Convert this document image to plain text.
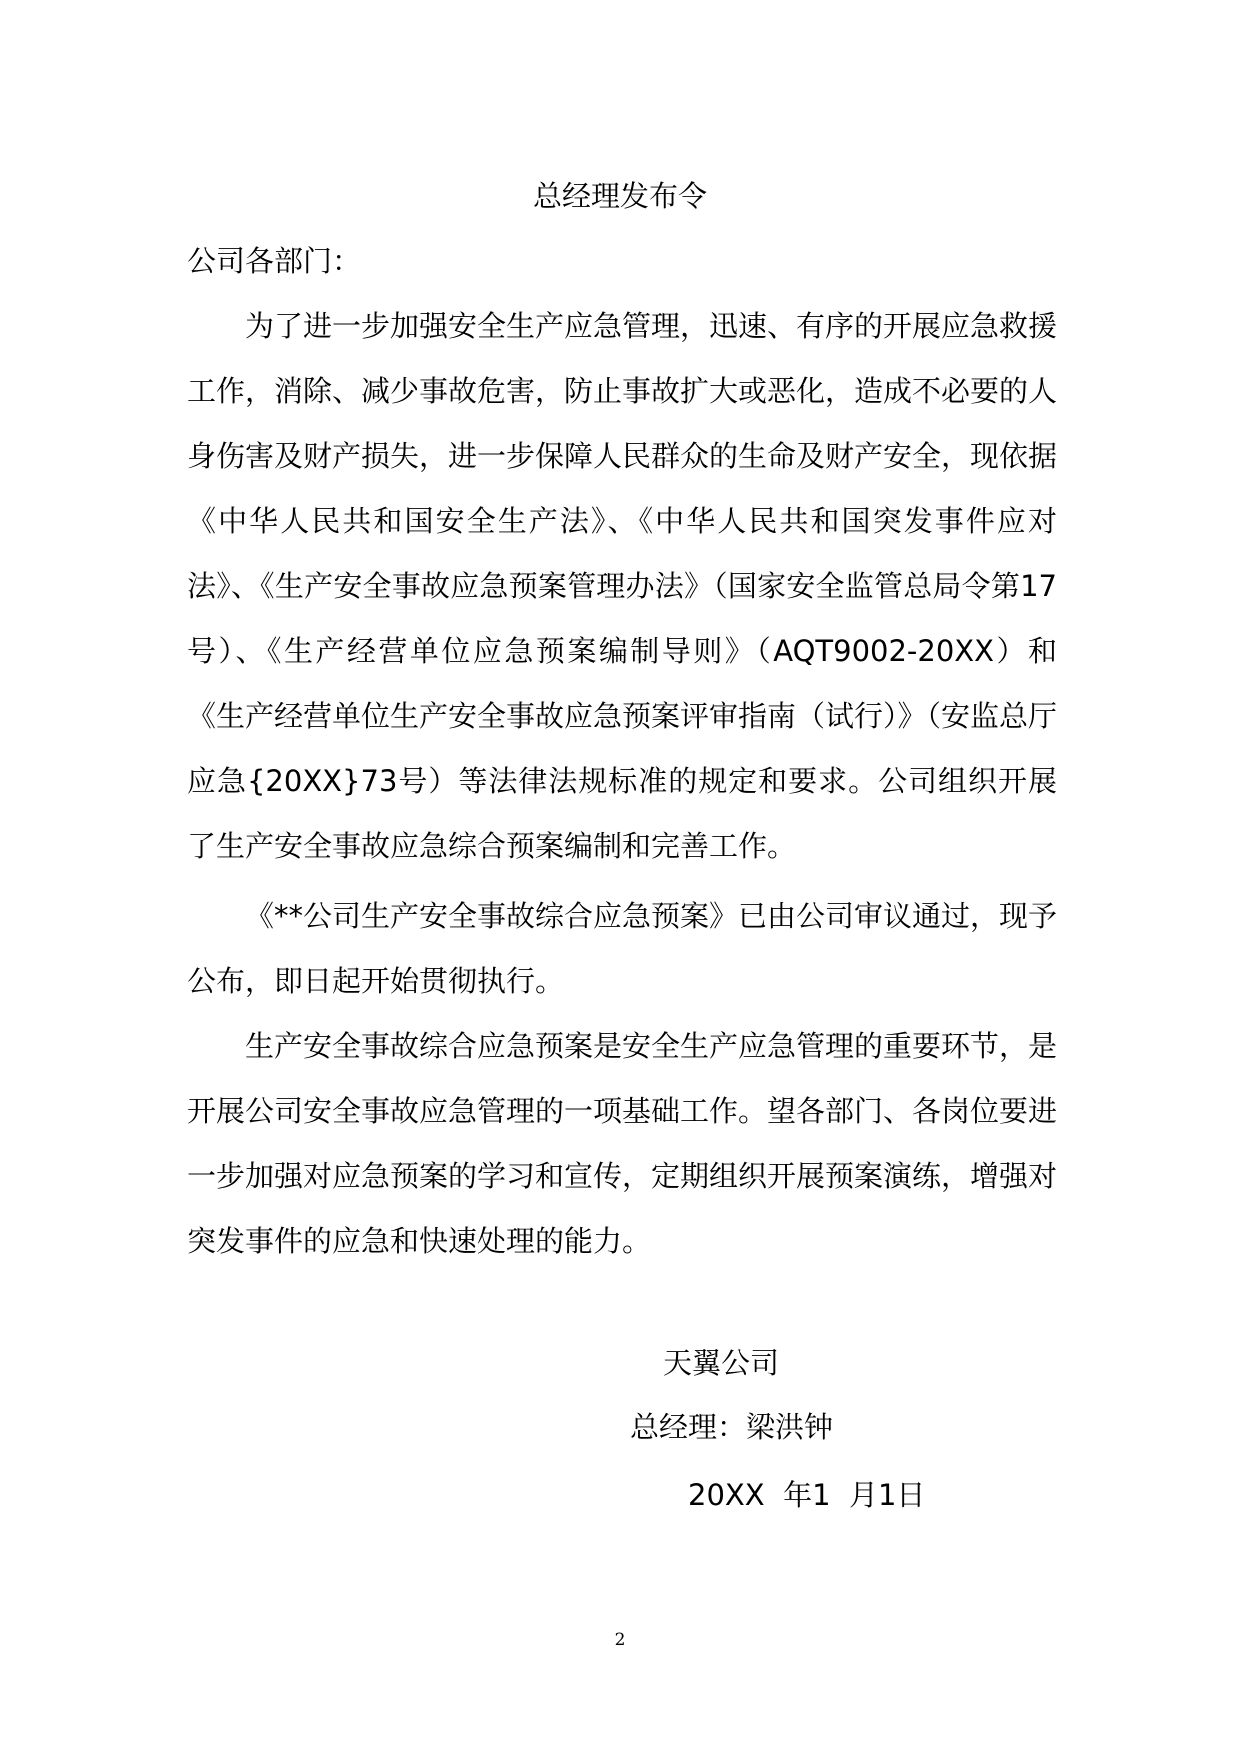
总经理发布令
公司各部门：

为了进一步加强安全生产应急管理，迅速、有序的开展应急救援工作，消除、减少事故危害，防止事故扩大或恶化，造成不必要的人身伤害及财产损失，进一步保障人民群众的生命及财产安全，现依据《中华人民共和国安全生产法》、《中华人民共和国突发事件应对法》、《生产安全事故应急预案管理办法》（国家安全监管总局令第17号）、《生产经营单位应急预案编制导则》（AQT9002-20XX）和《生产经营单位生产安全事故应急预案评审指南（试行）》（安监总厅应急{20XX}73号）等法律法规标准的规定和要求。公司组织开展了生产安全事故应急综合预案编制和完善工作。

《**公司生产安全事故综合应急预案》已由公司审议通过，现予公布，即日起开始贯彻执行。

生产安全事故综合应急预案是安全生产应急管理的重要环节，是开展公司安全事故应急管理的一项基础工作。望各部门、各岗位要进一步加强对应急预案的学习和宣传，定期组织开展预案演练，增强对突发事件的应急和快速处理的能力。

天翼公司
总经理：梁洪钟
20XX  年1  月1日
2
